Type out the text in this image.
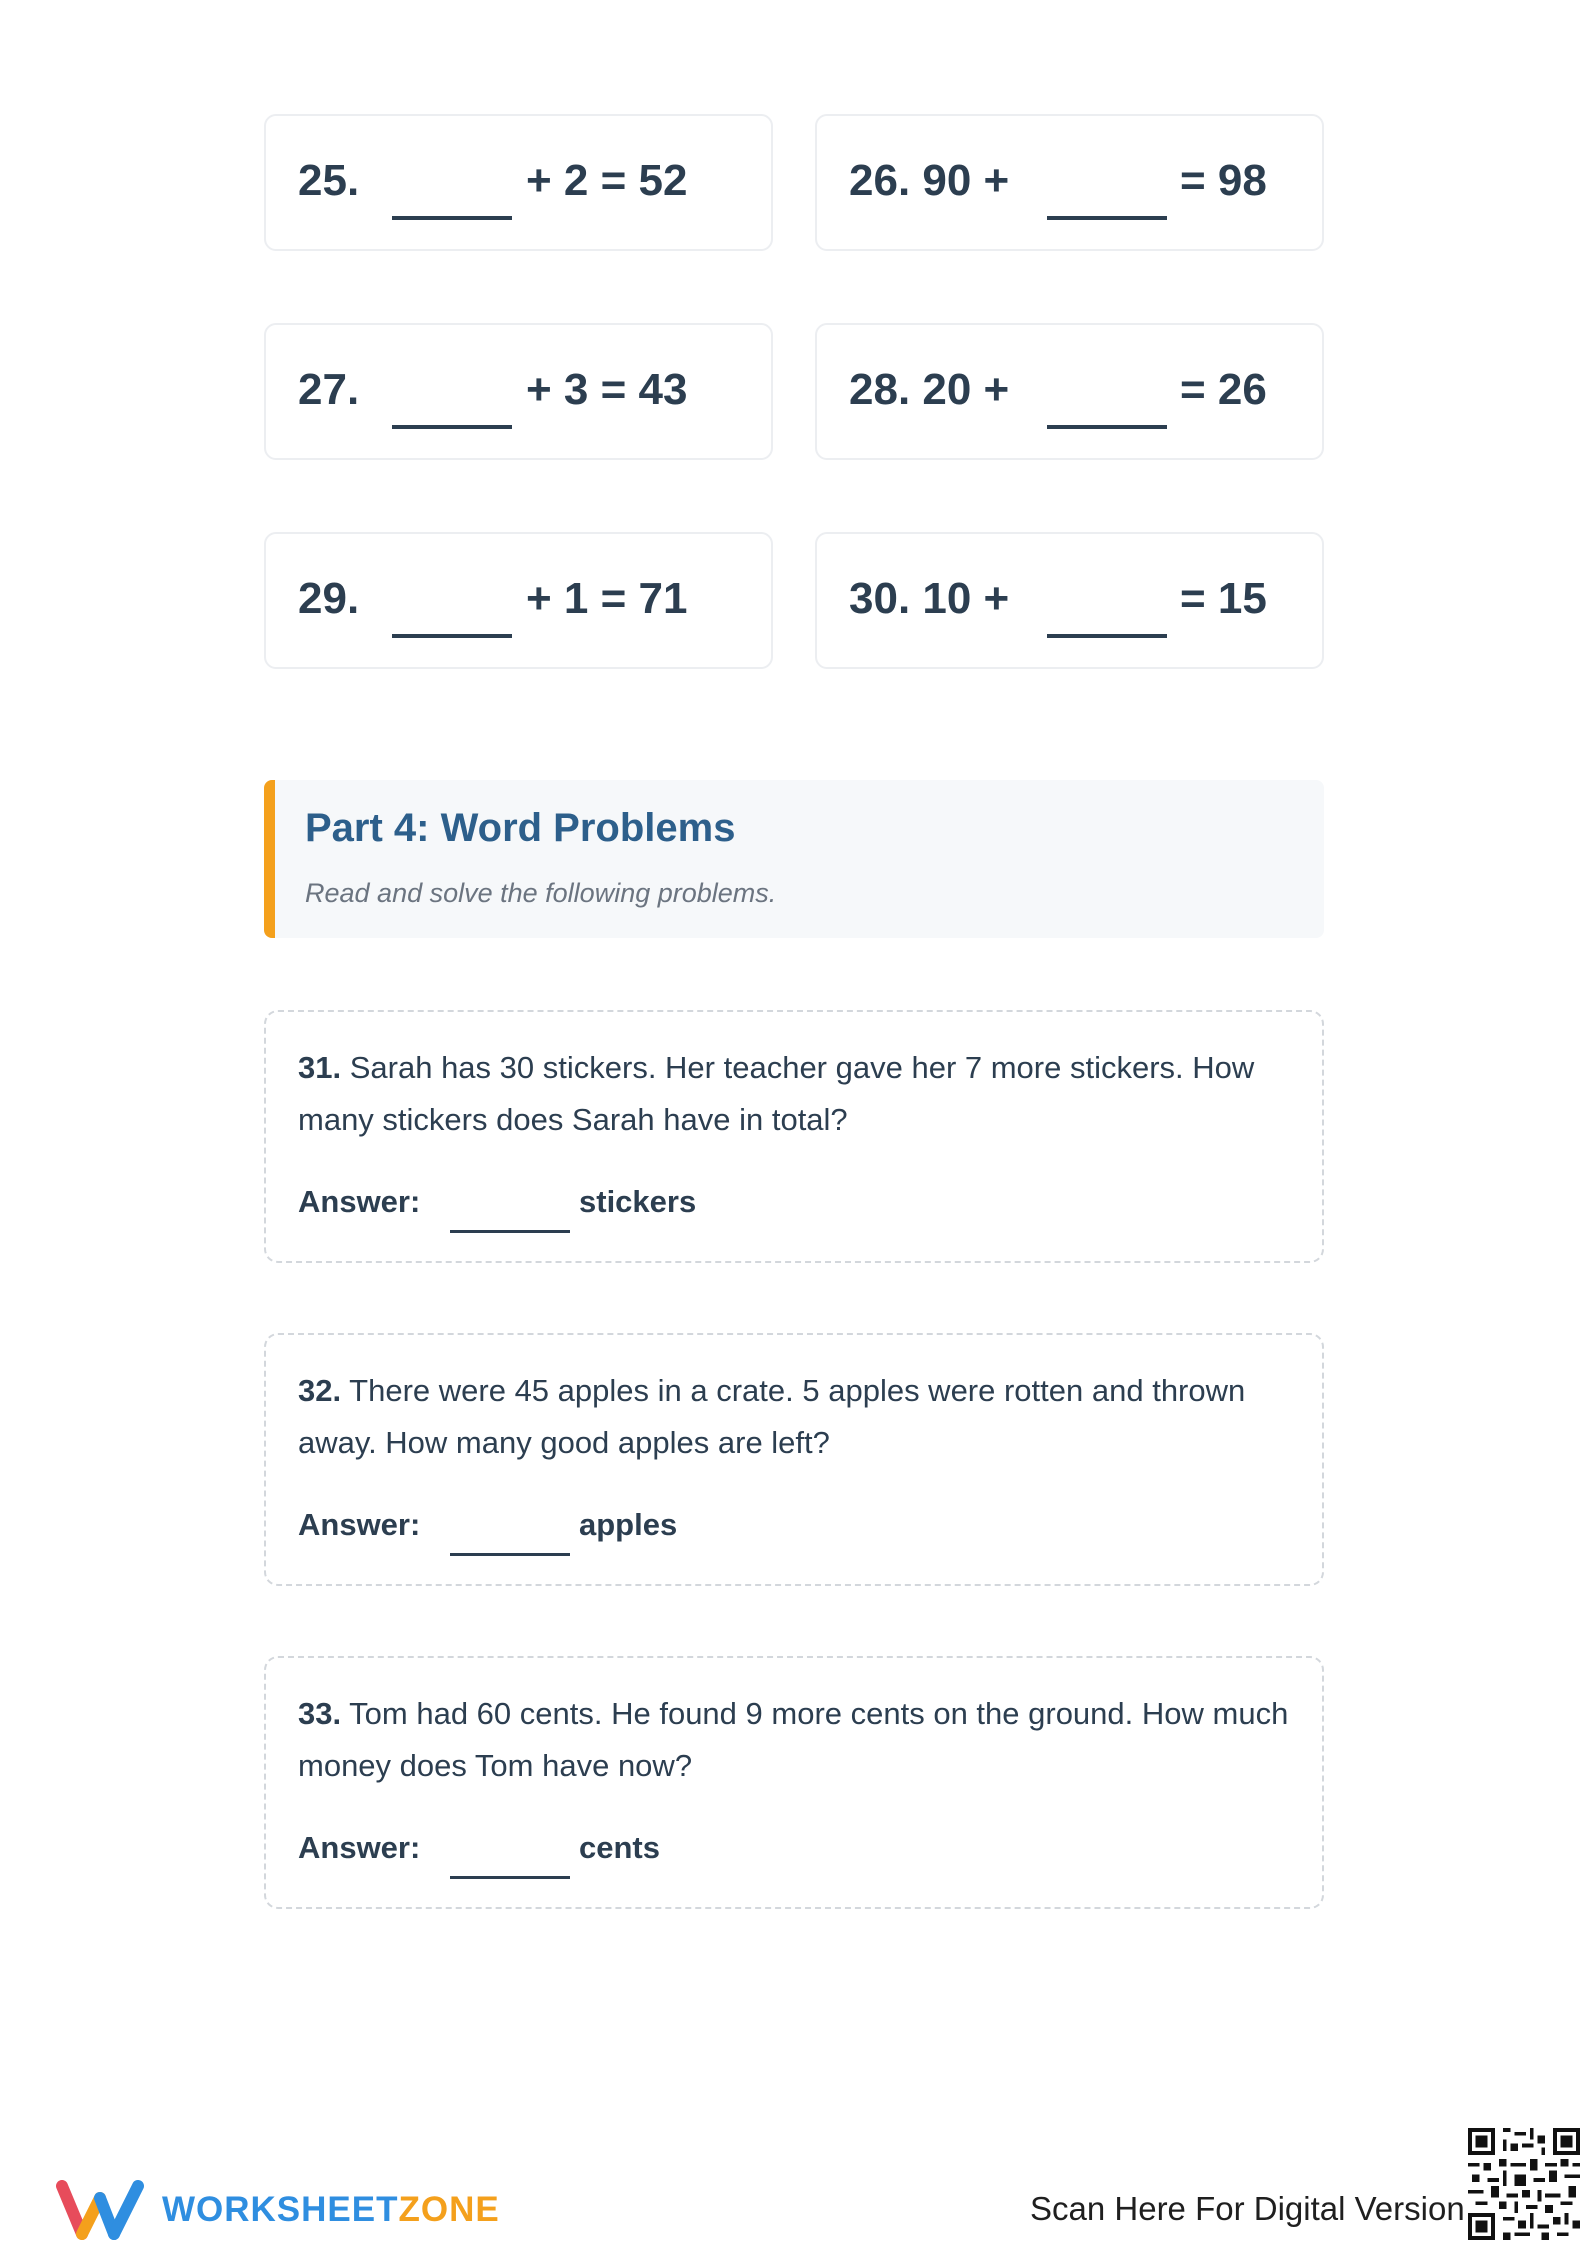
25.	+ 2 = 52	26. 90 +	= 98
27.	+ 3 = 43	28. 20 +	= 26
29.	+ 1 = 71	30. 10 +	= 15
Part 4: Word Problems
Read and solve the following problems.
31. Sarah has 30 stickers. Her teacher gave her 7 more stickers. How many stickers does Sarah have in total?
Answer:	stickers
32. There were 45 apples in a crate. 5 apples were rotten and thrown away. How many good apples are left?
Answer:	apples
33. Tom had 60 cents. He found 9 more cents on the ground. How much money does Tom have now?
Answer:	cents
WORKSHEETZONE	Scan Here For Digital Version
